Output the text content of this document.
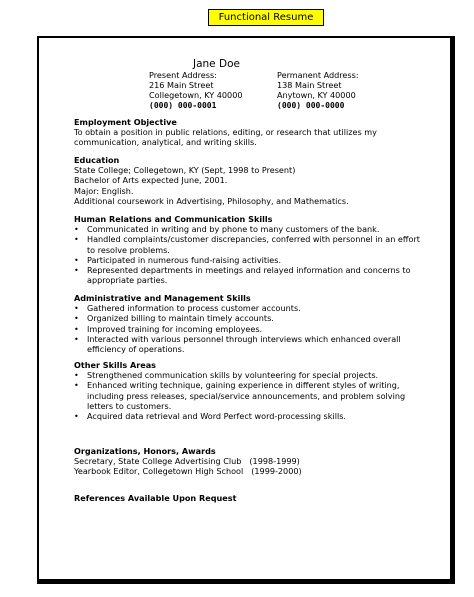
Functional Resume
Jane Doe
Present Address:
216 Main Street
Collegetown, KY 40000
(000) 000-0001
Permanent Address:
138 Main Street
Anytown, KY 40000
(000) 000-0000
Employment Objective
To obtain a position in public relations, editing, or research that utilizes my
communication, analytical, and writing skills.
Education
State College; Collegetown, KY (Sept, 1998 to Present)
Bachelor of Arts expected June, 2001.
Major: English.
Additional coursework in Advertising, Philosophy, and Mathematics.
Human Relations and Communication Skills
• Communicated in writing and by phone to many customers of the bank.
• Handled complaints/customer discrepancies, conferred with personnel in an effort to resolve problems.
• Participated in numerous fund-raising activities.
• Represented departments in meetings and relayed information and concerns to appropriate parties.
Administrative and Management Skills
• Gathered information to process customer accounts.
• Organized billing to maintain timely accounts.
• Improved training for incoming employees.
• Interacted with various personnel through interviews which enhanced overall efficiency of operations.
Other Skills Areas
• Strengthened communication skills by volunteering for special projects.
• Enhanced writing technique, gaining experience in different styles of writing, including press releases, special/service announcements, and problem solving letters to customers.
• Acquired data retrieval and Word Perfect word-processing skills.
Organizations, Honors, Awards
Secretary, State College Advertising Club (1998-1999)
Yearbook Editor, Collegetown High School (1999-2000)
References Available Upon Request
